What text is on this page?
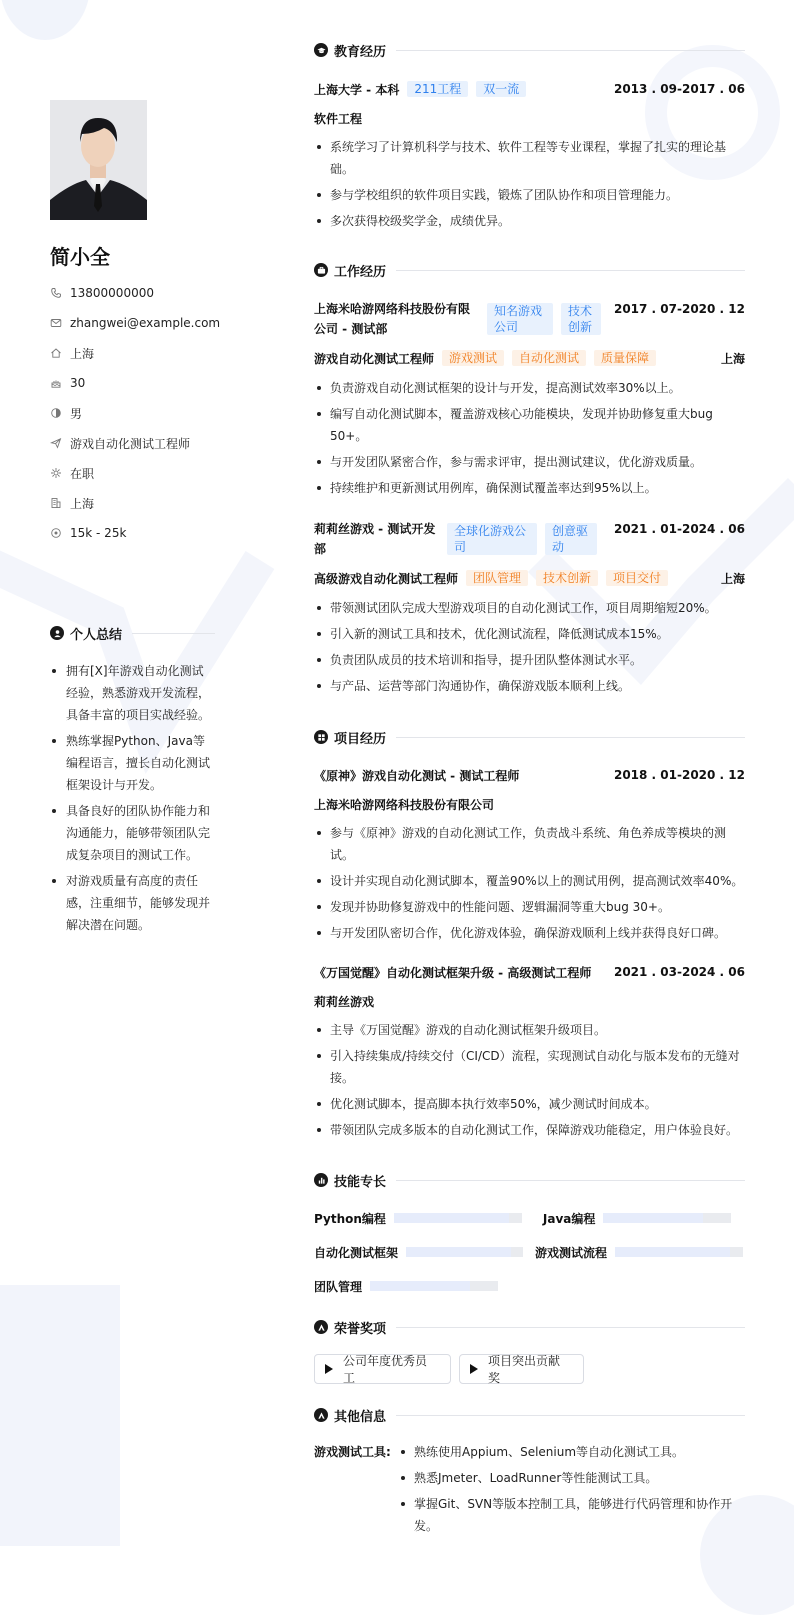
简小全
13800000000
zhangwei@example.com
上海
30
男
游戏自动化测试工程师
在职
上海
15k - 25k
个人总结
拥有[X]年游戏自动化测试经验，熟悉游戏开发流程，具备丰富的项目实战经验。
熟练掌握Python、Java等编程语言，擅长自动化测试框架设计与开发。
具备良好的团队协作能力和沟通能力，能够带领团队完成复杂项目的测试工作。
对游戏质量有高度的责任感，注重细节，能够发现并解决潜在问题。
教育经历
上海大学 - 本科	211工程	双一流	2013 . 09-2017 . 06
软件工程
系统学习了计算机科学与技术、软件工程等专业课程，掌握了扎实的理论基础。
参与学校组织的软件项目实践，锻炼了团队协作和项目管理能力。
多次获得校级奖学金，成绩优异。
工作经历
上海米哈游网络科技股份有限公司 - 测试部
知名游戏公司
技术创新
2017 . 07-2020 . 12
游戏自动化测试工程师	游戏测试	自动化测试	质量保障	上海
负责游戏自动化测试框架的设计与开发，提高测试效率30%以上。
编写自动化测试脚本，覆盖游戏核心功能模块，发现并协助修复重大bug 50+。
与开发团队紧密合作，参与需求评审，提出测试建议，优化游戏质量。
持续维护和更新测试用例库，确保测试覆盖率达到95%以上。
莉莉丝游戏 - 测试开发部
全球化游戏公司
创意驱动
2021 . 01-2024 . 06
高级游戏自动化测试工程师	团队管理	技术创新	项目交付	上海
带领测试团队完成大型游戏项目的自动化测试工作，项目周期缩短20%。
引入新的测试工具和技术，优化测试流程，降低测试成本15%。
负责团队成员的技术培训和指导，提升团队整体测试水平。
与产品、运营等部门沟通协作，确保游戏版本顺利上线。
项目经历
《原神》游戏自动化测试 - 测试工程师	2018 . 01-2020 . 12
上海米哈游网络科技股份有限公司
参与《原神》游戏的自动化测试工作，负责战斗系统、角色养成等模块的测试。
设计并实现自动化测试脚本，覆盖90%以上的测试用例，提高测试效率40%。
发现并协助修复游戏中的性能问题、逻辑漏洞等重大bug 30+。
与开发团队密切合作，优化游戏体验，确保游戏顺利上线并获得良好口碑。
《万国觉醒》自动化测试框架升级 - 高级测试工程师 2021 . 03-2024 . 06
莉莉丝游戏
主导《万国觉醒》游戏的自动化测试框架升级项目。
引入持续集成/持续交付（CI/CD）流程，实现测试自动化与版本发布的无缝对接。
优化测试脚本，提高脚本执行效率50%，减少测试时间成本。
带领团队完成多版本的自动化测试工作，保障游戏功能稳定，用户体验良好。
技能专长
Python编程	Java编程
自动化测试框架	游戏测试流程
团队管理
荣誉奖项
公司年度优秀员工
项目突出贡献奖
其他信息
游戏测试工具:	熟练使用Appium、Selenium等自动化测试工具。
熟悉Jmeter、LoadRunner等性能测试工具。
掌握Git、SVN等版本控制工具，能够进行代码管理和协作开发。
